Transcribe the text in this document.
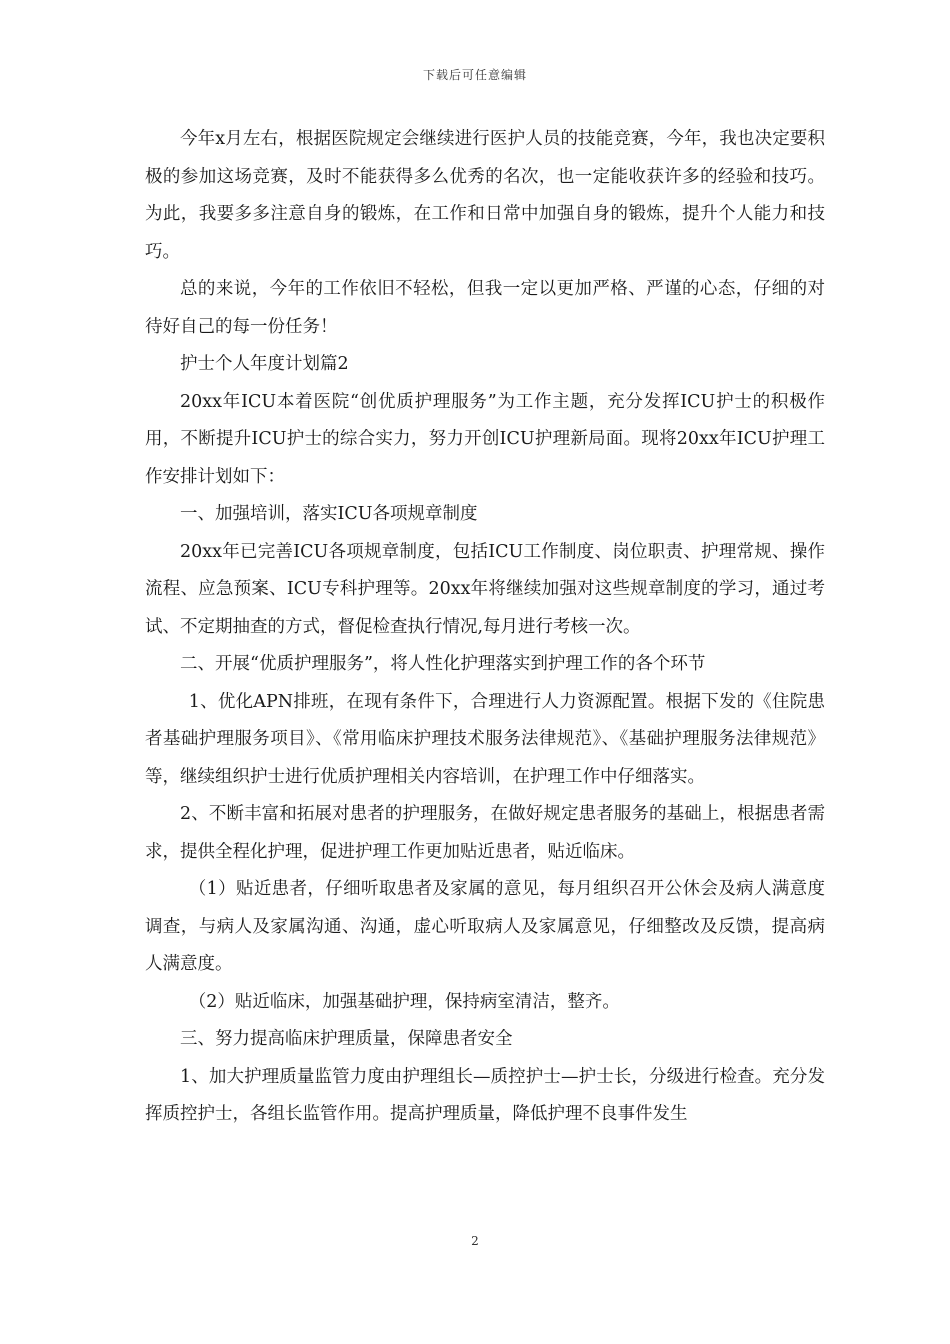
下载后可任意编辑

今年x月左右，根据医院规定会继续进行医护人员的技能竞赛，今年，我也决定要积极的参加这场竞赛，及时不能获得多么优秀的名次，也一定能收获许多的经验和技巧。为此，我要多多注意自身的锻炼，在工作和日常中加强自身的锻炼，提升个人能力和技巧。

总的来说，今年的工作依旧不轻松，但我一定以更加严格、严谨的心态，仔细的对待好自己的每一份任务！

护士个人年度计划篇2

20xx年ICU本着医院“创优质护理服务”为工作主题，充分发挥ICU护士的积极作用，不断提升ICU护士的综合实力，努力开创ICU护理新局面。现将20xx年ICU护理工作安排计划如下：

一、加强培训，落实ICU各项规章制度

20xx年已完善ICU各项规章制度，包括ICU工作制度、岗位职责、护理常规、操作流程、应急预案、ICU专科护理等。20xx年将继续加强对这些规章制度的学习，通过考试、不定期抽查的方式，督促检查执行情况,每月进行考核一次。

二、开展“优质护理服务”，将人性化护理落实到护理工作的各个环节

1、优化APN排班，在现有条件下，合理进行人力资源配置。根据下发的《住院患者基础护理服务项目》、《常用临床护理技术服务法律规范》、《基础护理服务法律规范》等，继续组织护士进行优质护理相关内容培训，在护理工作中仔细落实。

2、不断丰富和拓展对患者的护理服务，在做好规定患者服务的基础上，根据患者需求，提供全程化护理，促进护理工作更加贴近患者，贴近临床。

（1）贴近患者，仔细听取患者及家属的意见，每月组织召开公休会及病人满意度调查，与病人及家属沟通、沟通，虚心听取病人及家属意见，仔细整改及反馈，提高病人满意度。

（2）贴近临床，加强基础护理，保持病室清洁，整齐。

三、努力提高临床护理质量，保障患者安全

1、加大护理质量监管力度由护理组长—质控护士—护士长，分级进行检查。充分发挥质控护士，各组长监管作用。提高护理质量，降低护理不良事件发生

2
